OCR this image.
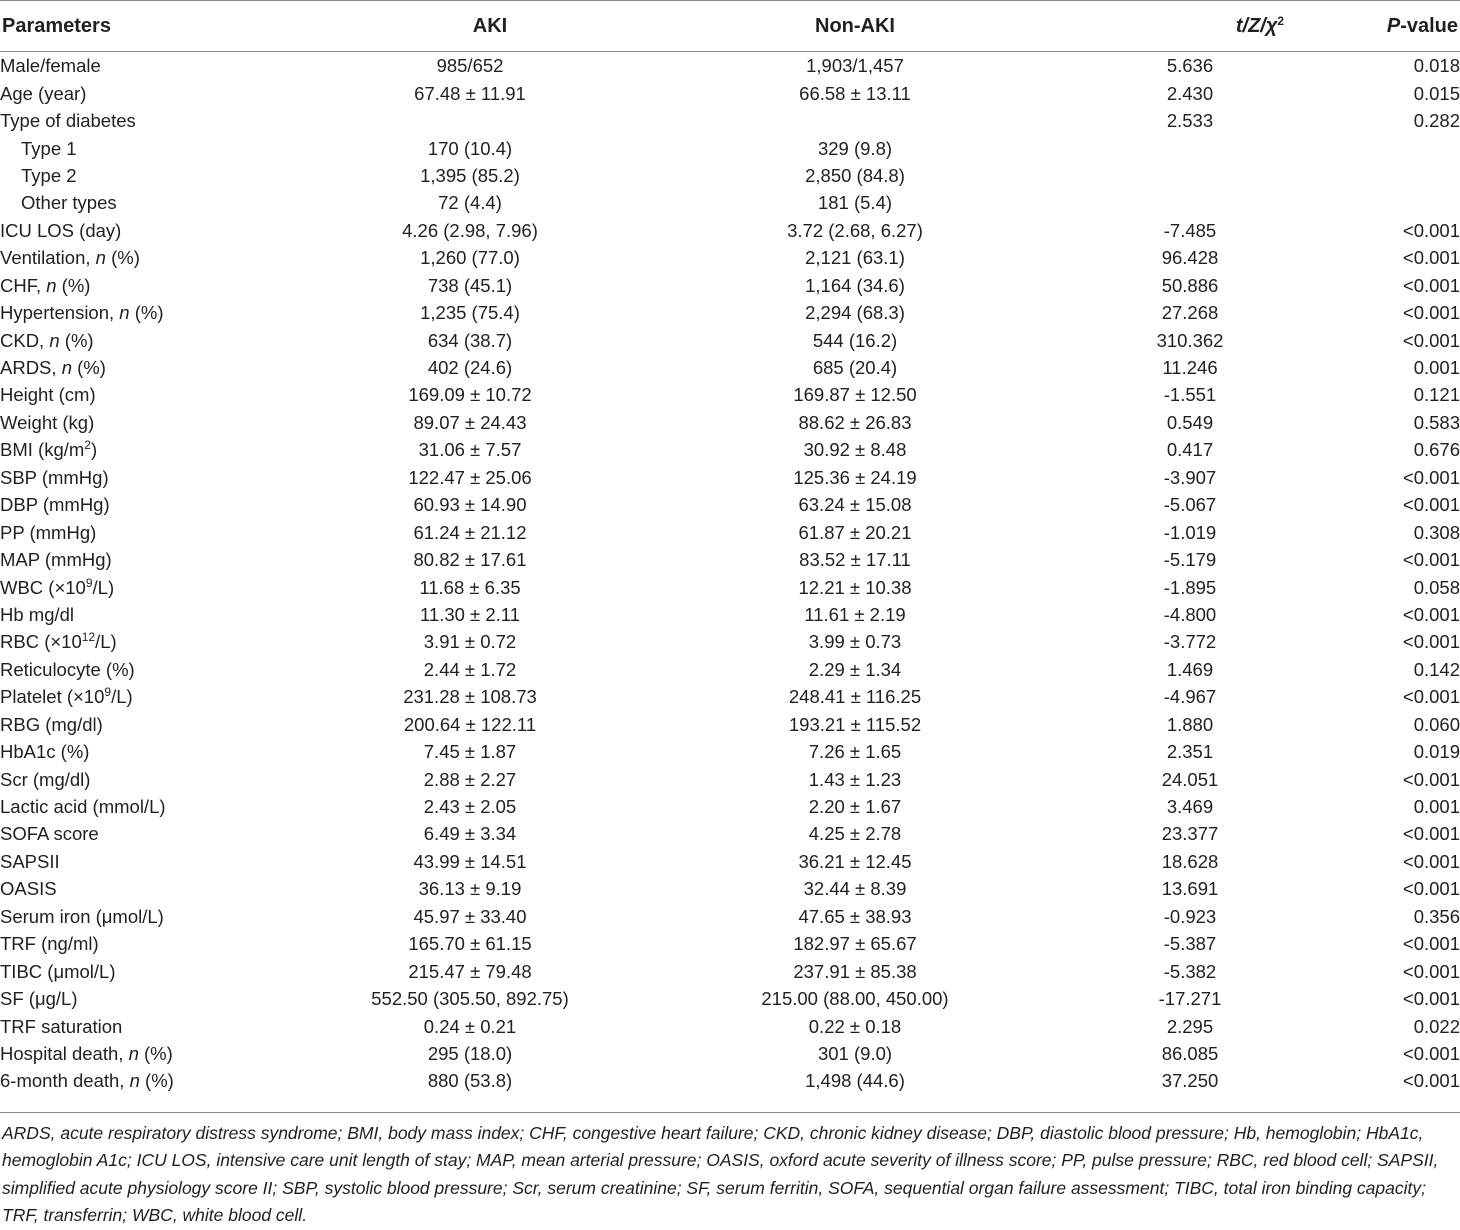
Parameters	AKI	Non-AKI	$t/Z/\chi^2$	P-value
Male/female	985/652	1,903/1,457	5.636	0.018
Age (year)	67.48 ± 11.91	66.58 ± 13.11	2.430	0.015
Type of diabetes			2.533	0.282
Type 1	170 (10.4)	329 (9.8)		
Type 2	1,395 (85.2)	2,850 (84.8)		
Other types	72 (4.4)	181 (5.4)		
ICU LOS (day)	4.26 (2.98, 7.96)	3.72 (2.68, 6.27)	-7.485	<0.001
Ventilation, n (%)	1,260 (77.0)	2,121 (63.1)	96.428	<0.001
CHF, n (%)	738 (45.1)	1,164 (34.6)	50.886	<0.001
Hypertension, n (%)	1,235 (75.4)	2,294 (68.3)	27.268	<0.001
CKD, n (%)	634 (38.7)	544 (16.2)	310.362	<0.001
ARDS, n (%)	402 (24.6)	685 (20.4)	11.246	0.001
Height (cm)	169.09 ± 10.72	169.87 ± 12.50	-1.551	0.121
Weight (kg)	89.07 ± 24.43	88.62 ± 26.83	0.549	0.583
BMI $(kg/m^2)$	31.06 ± 7.57	30.92 ± 8.48	0.417	0.676
SBP (mmHg)	122.47 ± 25.06	125.36 ± 24.19	-3.907	<0.001
DBP (mmHg)	60.93 ± 14.90	63.24 ± 15.08	-5.067	<0.001
PP (mmHg)	61.24 ± 21.12	61.87 ± 20.21	-1.019	0.308
MAP (mmHg)	80.82 ± 17.61	83.52 ± 17.11	-5.179	<0.001
WBC $(\times 10^9/L)$	11.68 ± 6.35	12.21 ± 10.38	-1.895	0.058
Hb mg/dl	11.30 ± 2.11	11.61 ± 2.19	-4.800	<0.001
RBC $(\times 10^{12}/L)$	3.91 ± 0.72	3.99 ± 0.73	-3.772	<0.001
Reticulocyte (%)	2.44 ± 1.72	2.29 ± 1.34	1.469	0.142
Platelet $(\times 10^9/L)$	231.28 ± 108.73	248.41 ± 116.25	-4.967	<0.001
RBG (mg/dl)	200.64 ± 122.11	193.21 ± 115.52	1.880	0.060
HbA1c (%)	7.45 ± 1.87	7.26 ± 1.65	2.351	0.019
Scr (mg/dl)	2.88 ± 2.27	1.43 ± 1.23	24.051	<0.001
Lactic acid (mmol/L)	2.43 ± 2.05	2.20 ± 1.67	3.469	0.001
SOFA score	6.49 ± 3.34	4.25 ± 2.78	23.377	<0.001
SAPSII	43.99 ± 14.51	36.21 ± 12.45	18.628	<0.001
OASIS	36.13 ± 9.19	32.44 ± 8.39	13.691	<0.001
Serum iron (μmol/L)	45.97 ± 33.40	47.65 ± 38.93	-0.923	0.356
TRF (ng/ml)	165.70 ± 61.15	182.97 ± 65.67	-5.387	<0.001
TIBC (μmol/L)	215.47 ± 79.48	237.91 ± 85.38	-5.382	<0.001
SF (μg/L)	552.50 (305.50, 892.75)	215.00 (88.00, 450.00)	-17.271	<0.001
TRF saturation	0.24 ± 0.21	0.22 ± 0.18	2.295	0.022
Hospital death, n (%)	295 (18.0)	301 (9.0)	86.085	<0.001
6-month death, n (%)	880 (53.8)	1,498 (44.6)	37.250	<0.001

ARDS, acute respiratory distress syndrome; BMI, body mass index; CHF, congestive heart failure; CKD, chronic kidney disease; DBP, diastolic blood pressure; Hb, hemoglobin; HbA1c,

hemoglobin A1c; ICU LOS, intensive care unit length of stay; MAP, mean arterial pressure; OASIS, oxford acute severity of illness score; PP, pulse pressure; RBC, red blood cell; SAPSII,

simplified acute physiology score II; SBP, systolic blood pressure; Scr, serum creatinine; SF, serum ferritin, SOFA, sequential organ failure assessment; TIBC, total iron binding capacity;

TRF, transferrin; WBC, white blood cell.
